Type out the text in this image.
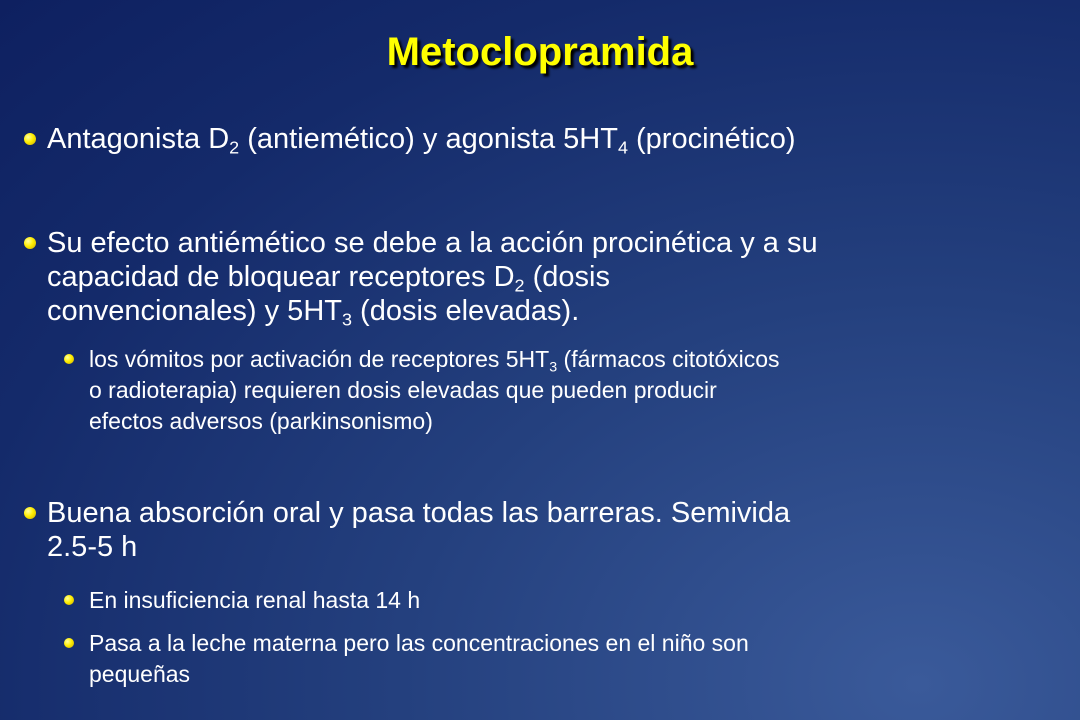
Metoclopramida
Antagonista $D_2$ (antiemético) y agonista $5HT_4$ (procinético)
Su efecto antiémético se debe a la acción procinética y a su
capacidad de bloquear receptores $D_2$ (dosis
convencionales) y $5HT_3$ (dosis elevadas).
los vómitos por activación de receptores $5HT_3$ (fármacos citotóxicos
o radioterapia) requieren dosis elevadas que pueden producir
efectos adversos (parkinsonismo)
Buena absorción oral y pasa todas las barreras. Semivida
2.5-5 h
En insuficiencia renal hasta 14 h
Pasa a la leche materna pero las concentraciones en el niño son
pequeñas
